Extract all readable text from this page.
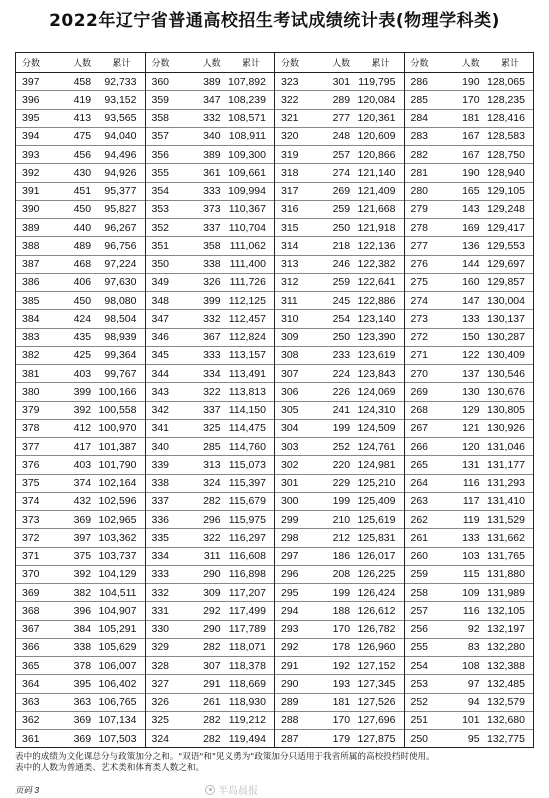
2022年辽宁省普通高校招生考试成绩统计表(物理学科类)
分数	人数	累计
397	458	92,733
396	419	93,152
395	413	93,565
394	475	94,040
393	456	94,496
392	430	94,926
391	451	95,377
390	450	95,827
389	440	96,267
388	489	96,756
387	468	97,224
386	406	97,630
385	450	98,080
384	424	98,504
383	435	98,939
382	425	99,364
381	403	99,767
380	399 100,166
379	392 100,558
378	412 100,970
377	417 101,387
376	403 101,790
375	374 102,164
374	432 102,596
373	369 102,965
372	397 103,362
371	375 103,737
370	392 104,129
369	382 104,511
368	396 104,907
367	384 105,291
366	338 105,629
365	378 106,007
364	395 106,402
363	363 106,765
362	369 107,134
361	369 107,503
分数	人数	累计
360	389 107,892
359	347 108,239
358	332 108,571
357	340 108,911
356	389 109,300
355	361 109,661
354	333 109,994
353	373 110,367
352	337 110,704
351	358 111,062
350	338 111,400
349	326 111,726
348	399 112,125
347	332 112,457
346	367 112,824
345	333 113,157
344	334 113,491
343	322 113,813
342	337 114,150
341	325 114,475
340	285 114,760
339	313 115,073
338	324 115,397
337	282 115,679
336	296 115,975
335	322 116,297
334	311 116,608
333	290 116,898
332	309 117,207
331	292 117,499
330	290 117,789
329	282 118,071
328	307 118,378
327	291 118,669
326	261 118,930
325	282 119,212
324	282 119,494
分数	人数	累计
323	301 119,795
322	289 120,084
321	277 120,361
320	248 120,609
319	257 120,866
318	274 121,140
317	269 121,409
316	259 121,668
315	250 121,918
314	218 122,136
313	246 122,382
312	259 122,641
311	245 122,886
310	254 123,140
309	250 123,390
308	233 123,619
307	224 123,843
306	226 124,069
305	241 124,310
304	199 124,509
303	252 124,761
302	220 124,981
301	229 125,210
300	199 125,409
299	210 125,619
298	212 125,831
297	186 126,017
296	208 126,225
295	199 126,424
294	188 126,612
293	170 126,782
292	178 126,960
291	192 127,152
290	193 127,345
289	181 127,526
288	170 127,696
287	179 127,875
分数	人数	累计
286	190 128,065
285	170 128,235
284	181 128,416
283	167 128,583
282	167 128,750
281	190 128,940
280	165 129,105
279	143 129,248
278	169 129,417
277	136 129,553
276	144 129,697
275	160 129,857
274	147 130,004
273	133 130,137
272	150 130,287
271	122 130,409
270	137 130,546
269	130 130,676
268	129 130,805
267	121 130,926
266	120 131,046
265	131 131,177
264	116 131,293
263	117 131,410
262	119 131,529
261	133 131,662
260	103 131,765
259	115 131,880
258	109 131,989
257	116 132,105
256	92 132,197
255	83 132,280
254	108 132,388
253	97 132,485
252	94 132,579
251	101 132,680
250	95 132,775
表中的成绩为文化课总分与政策加分之和。"双语"和"见义勇为"政策加分只适用于我省所属的高校投档时使用。
表中的人数为普通类、艺术类和体育类人数之和。
页码 3	半岛晨报
